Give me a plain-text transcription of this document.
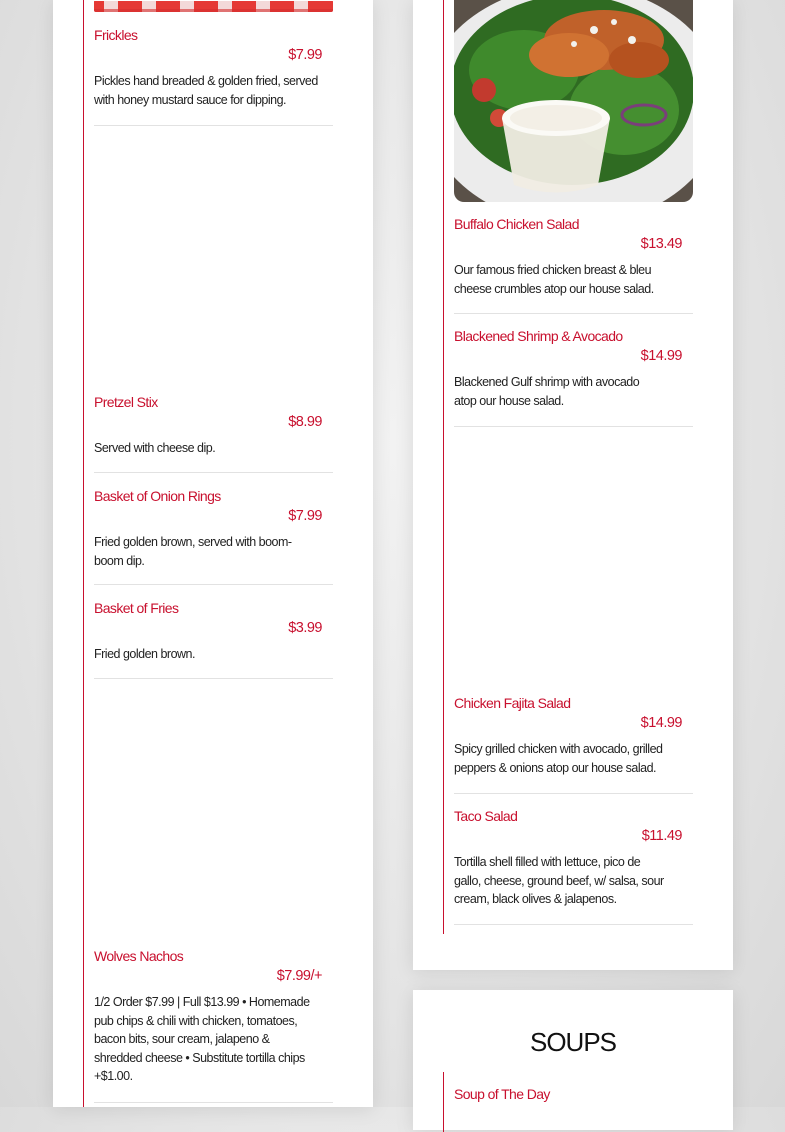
Frickles
$7.99
Pickles hand breaded & golden fried, served with honey mustard sauce for dipping.
Pretzel Stix
$8.99
Served with cheese dip.
Basket of Onion Rings
$7.99
Fried golden brown, served with boom-boom dip.
Basket of Fries
$3.99
Fried golden brown.
Wolves Nachos
$7.99/+
1/2 Order $7.99 | Full $13.99 • Homemade pub chips & chili with chicken, tomatoes, bacon bits, sour cream, jalapeno & shredded cheese • Substitute tortilla chips +$1.00.
Buffalo Chicken Salad
$13.49
Our famous fried chicken breast & bleu cheese crumbles atop our house salad.
Blackened Shrimp & Avocado
$14.99
Blackened Gulf shrimp with avocado atop our house salad.
Chicken Fajita Salad
$14.99
Spicy grilled chicken with avocado, grilled peppers & onions atop our house salad.
Taco Salad
$11.49
Tortilla shell filled with lettuce, pico de gallo, cheese, ground beef, w/ salsa, sour cream, black olives & jalapenos.
SOUPS
Soup of The Day
